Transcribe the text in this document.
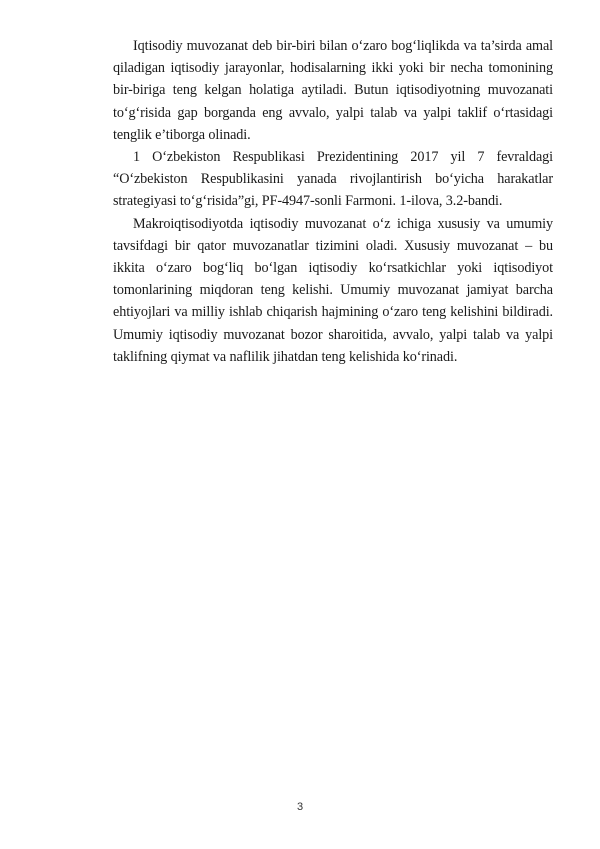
Iqtisodiy muvozanat deb bir-biri bilan o‘zaro bog‘liqlikda va ta’sirda amal qiladigan iqtisodiy jarayonlar, hodisalarning ikki yoki bir necha tomonining bir-biriga teng kelgan holatiga aytiladi. Butun iqtisodiyotning muvozanati to‘g‘risida gap borganda eng avvalo, yalpi talab va yalpi taklif o‘rtasidagi tenglik e’tiborga olinadi.

1 O‘zbekiston Respublikasi Prezidentining 2017 yil 7 fevraldagi “O‘zbekiston Respublikasini yanada rivojlantirish bo‘yicha harakatlar strategiyasi to‘g‘risida”gi, PF-4947-sonli Farmoni. 1-ilova, 3.2-bandi.

Makroiqtisodiyotda iqtisodiy muvozanat o‘z ichiga xususiy va umumiy tavsifdagi bir qator muvozanatlar tizimini oladi. Xususiy muvozanat – bu ikkita o‘zaro bog‘liq bo‘lgan iqtisodiy ko‘rsatkichlar yoki iqtisodiyot tomonlarining miqdoran teng kelishi. Umumiy muvozanat jamiyat barcha ehtiyojlari va milliy ishlab chiqarish hajmining o‘zaro teng kelishini bildiradi. Umumiy iqtisodiy muvozanat bozor sharoitida, avvalo, yalpi talab va yalpi taklifning qiymat va naflilik jihatdan teng kelishida ko‘rinadi.

3
